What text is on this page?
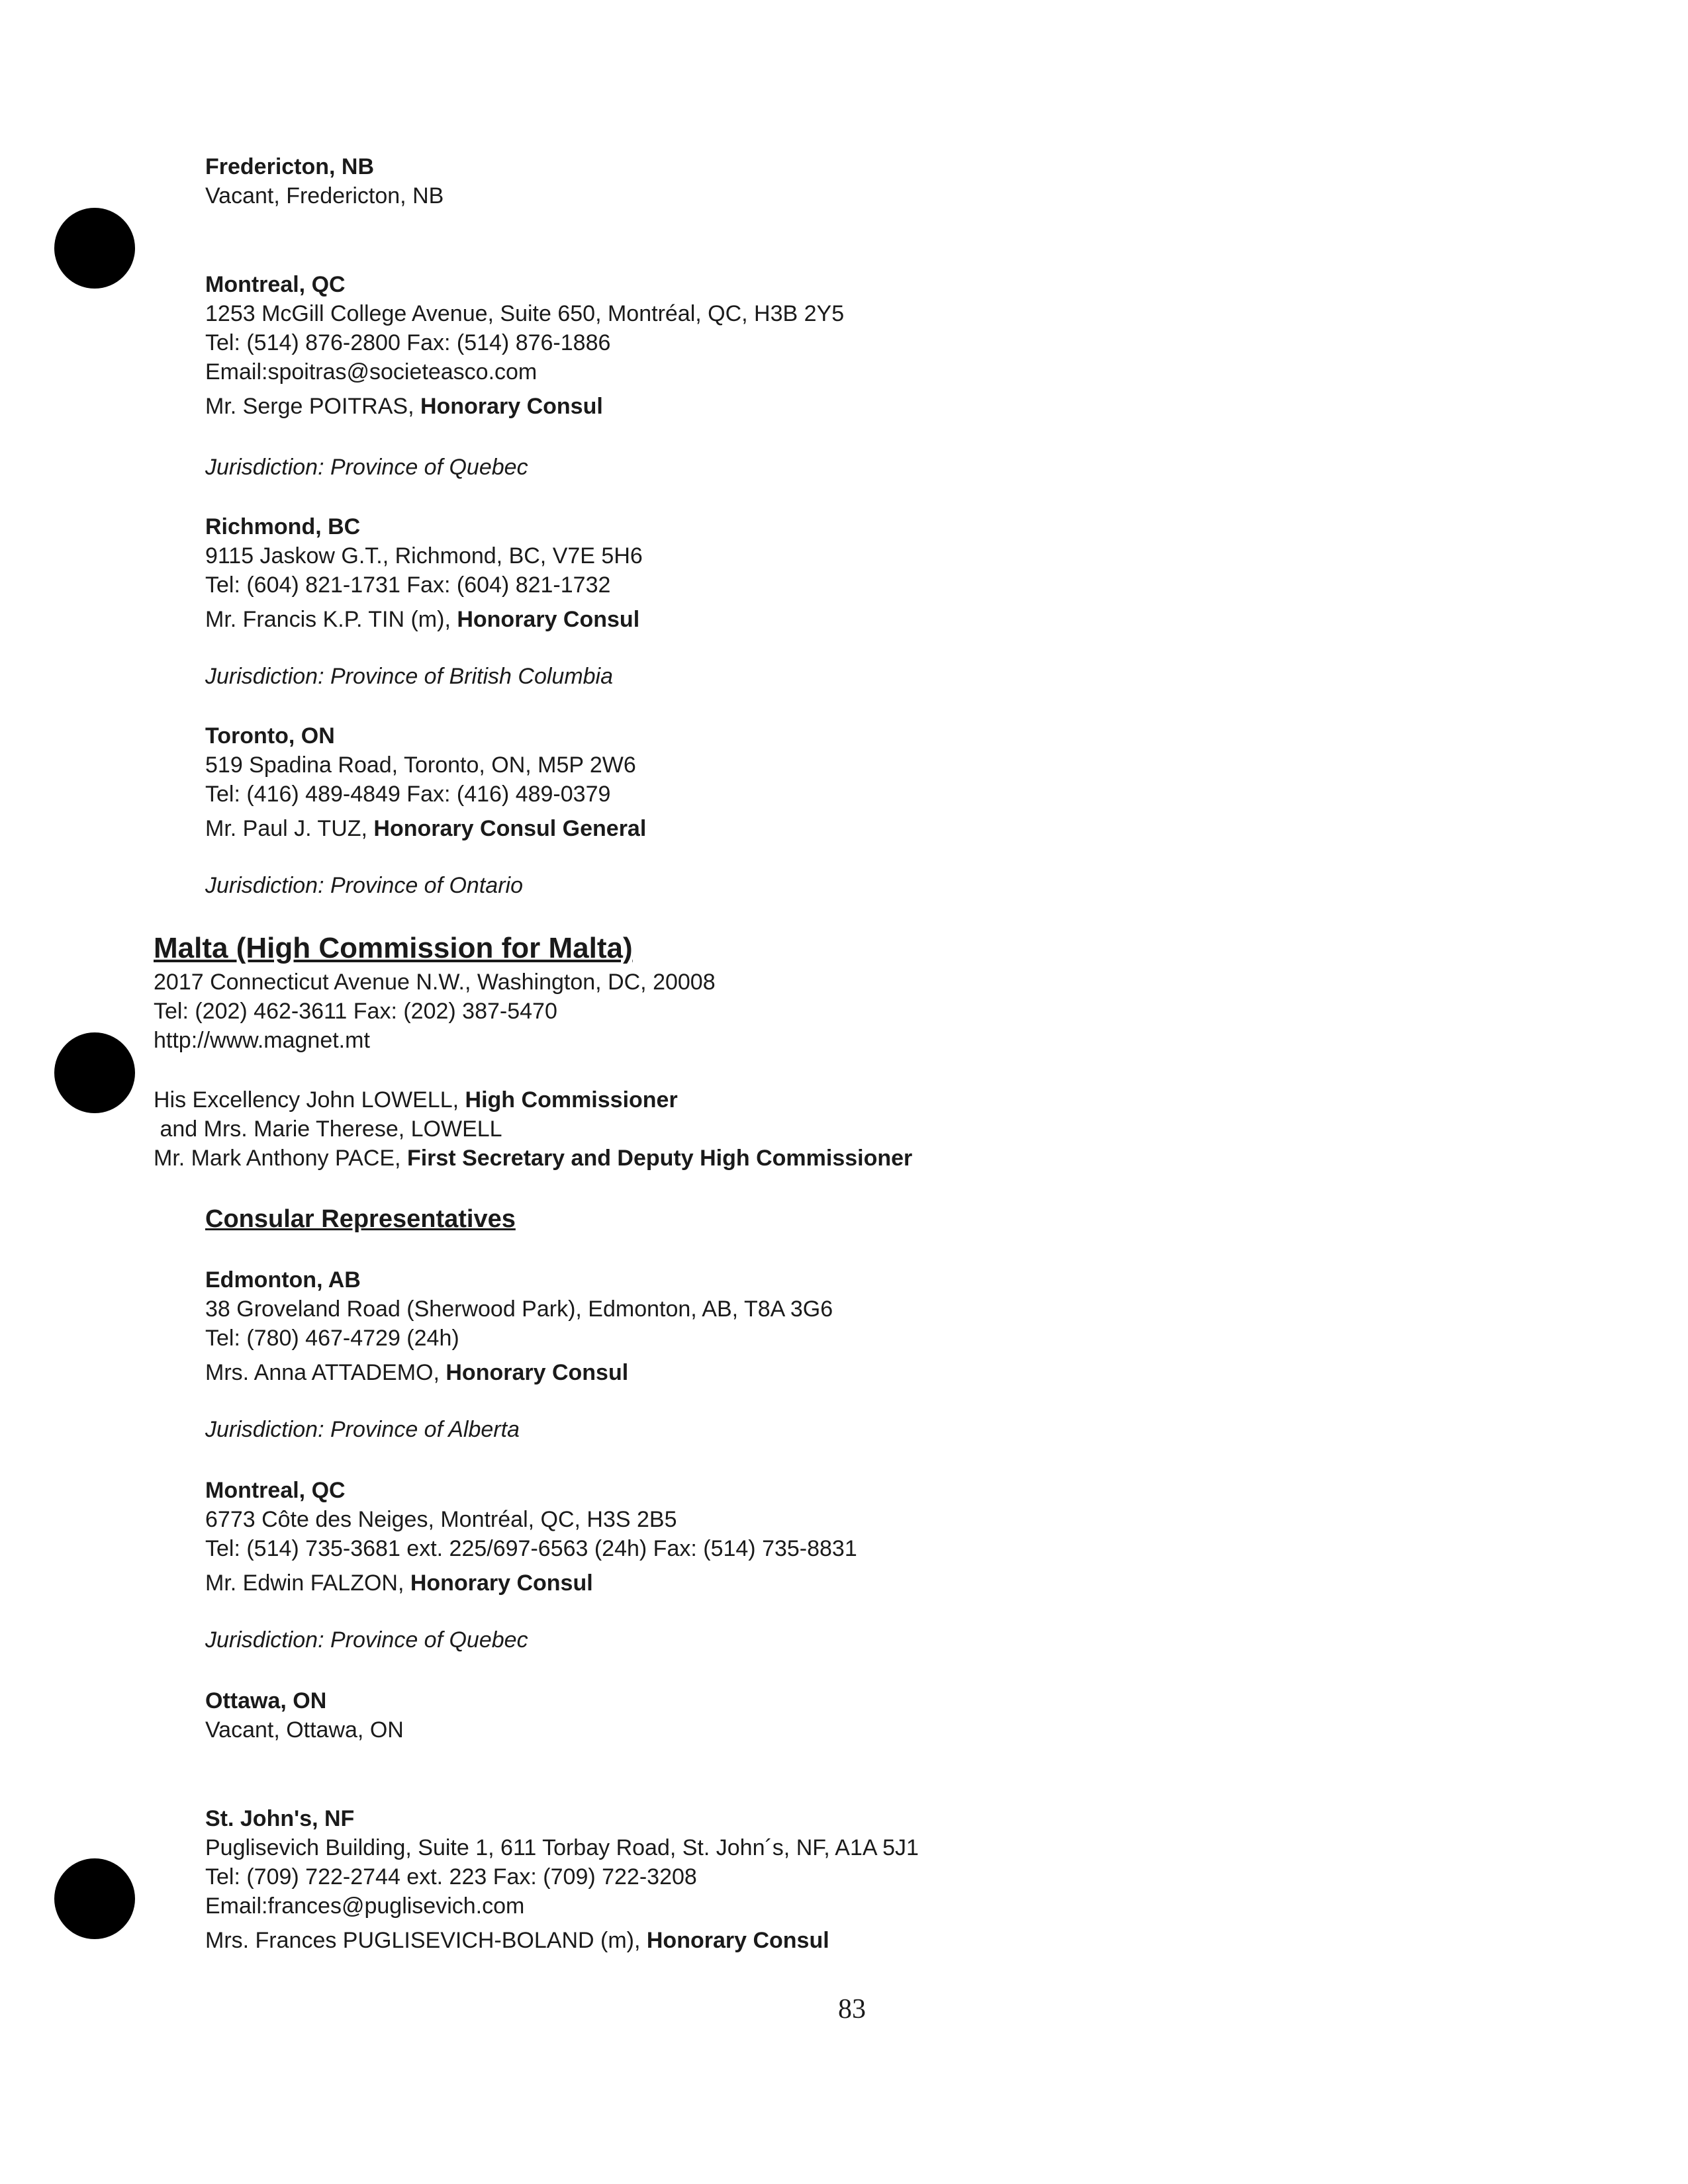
Fredericton, NB
Vacant, Fredericton, NB
Montreal, QC
1253 McGill College Avenue, Suite 650, Montréal, QC, H3B 2Y5
Tel: (514) 876-2800 Fax: (514) 876-1886
Email:spoitras@societeasco.com
Mr. Serge POITRAS, Honorary Consul
Jurisdiction: Province of Quebec
Richmond, BC
9115 Jaskow G.T., Richmond, BC, V7E 5H6
Tel: (604) 821-1731 Fax: (604) 821-1732
Mr. Francis K.P. TIN (m), Honorary Consul
Jurisdiction: Province of British Columbia
Toronto, ON
519 Spadina Road, Toronto, ON, M5P 2W6
Tel: (416) 489-4849 Fax: (416) 489-0379
Mr. Paul J. TUZ, Honorary Consul General
Jurisdiction: Province of Ontario
Malta (High Commission for Malta)
2017 Connecticut Avenue N.W., Washington, DC, 20008
Tel: (202) 462-3611 Fax: (202) 387-5470
http://www.magnet.mt
His Excellency John LOWELL, High Commissioner
and Mrs. Marie Therese, LOWELL
Mr. Mark Anthony PACE, First Secretary and Deputy High Commissioner
Consular Representatives
Edmonton, AB
38 Groveland Road (Sherwood Park), Edmonton, AB, T8A 3G6
Tel: (780) 467-4729 (24h)
Mrs. Anna ATTADEMO, Honorary Consul
Jurisdiction: Province of Alberta
Montreal, QC
6773 Côte des Neiges, Montréal, QC, H3S 2B5
Tel: (514) 735-3681 ext. 225/697-6563 (24h) Fax: (514) 735-8831
Mr. Edwin FALZON, Honorary Consul
Jurisdiction: Province of Quebec
Ottawa, ON
Vacant, Ottawa, ON
St. John's, NF
Puglisevich Building, Suite 1, 611 Torbay Road, St. John´s, NF, A1A 5J1
Tel: (709) 722-2744 ext. 223 Fax: (709) 722-3208
Email:frances@puglisevich.com
Mrs. Frances PUGLISEVICH-BOLAND (m), Honorary Consul
83
